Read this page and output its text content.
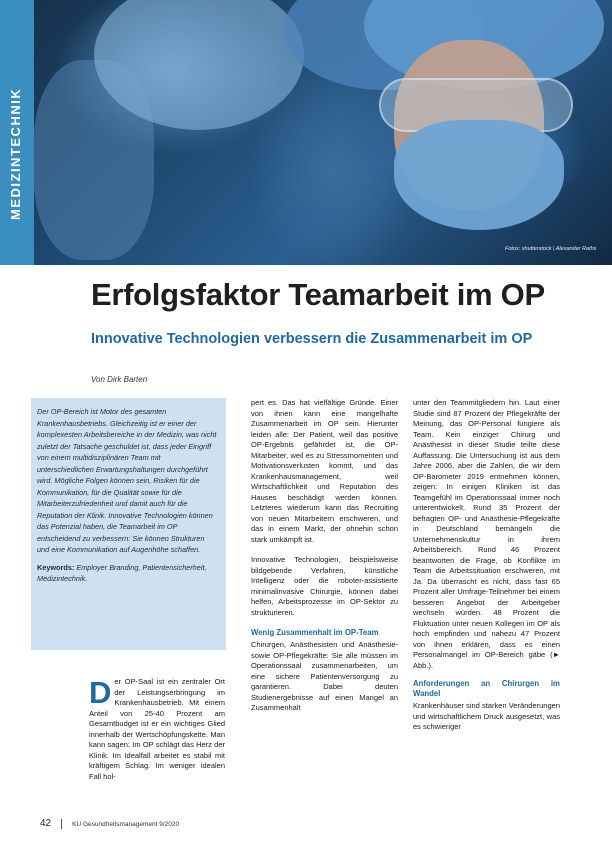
MEDIZINTECHNIK
Fotos: shutterstock | Alexander Raths
Erfolgsfaktor Teamarbeit im OP
Innovative Technologien verbessern die Zusammenarbeit im OP
Von Dirk Barten

Der OP-Bereich ist Motor des gesamten Krankenhausbetriebs. Gleichzeitig ist er einer der komplexesten Arbeitsbereiche in der Medizin, was nicht zuletzt der Tatsache geschuldet ist, dass jeder Eingriff von einem multidisziplinären Team mit unterschiedlichen Erwartungshaltungen durchgeführt wird. Mögliche Folgen können sein, Risiken für die Kommunikation, für die Qualität sowie für die Mitarbeiterzufriedenheit und damit auch für die Reputation der Klinik. Innovative Technologien können das Potenzial haben, die Teamarbeit im OP entscheidend zu verbessern: Sie können Strukturen und eine Kommunikation auf Augenhöhe schaffen.

Keywords: Employer Branding, Patientensicherheit, Medizintechnik.

Der OP-Saal ist ein zentraler Ort der Leistungserbringung im Krankenhausbetrieb. Mit einem Anteil von 25-40 Prozent am Gesamtbudget ist er ein wichtiges Glied innerhalb der Wertschöpfungskette. Man kann sagen: Im OP schlägt das Herz der Klinik. Im Idealfall arbeitet es stabil mit kräftigem Schlag. Im weniger idealen Fall hol-

pert es. Das hat vielfältige Gründe. Einer von ihnen kann eine mangelhafte Zusammenarbeit im OP sein. Hierunter leiden alle: Der Patient, weil das positive OP-Ergebnis gefährdet ist, die OP-Mitarbeiter, weil es zu Stressmomenten und Motivationsverlusten kommt, und das Krankenhausmanagement, weil Wirtschaftlichkeit und Reputation des Hauses beschädigt werden können. Letzteres wiederum kann das Recruiting von neuen Mitarbeitern erschweren, und das in einem Markt, der ohnehin schon stark umkämpft ist.

Innovative Technologien, beispielsweise bildgebende Verfahren, künstliche Intelligenz oder die roboter-assistierte minimalinvasive Chirurgie, können dabei helfen, Arbeitsprozesse im OP-Sektor zu strukturieren.

Wenig Zusammenhalt im OP-Team

Chirurgen, Anästhesisten und Anästhesie- sowie OP-Pflegekräfte: Sie alle müssen im Operationssaal zusammenarbeiten, um eine sichere Patientenversorgung zu garantieren. Dabei deuten Studienergebnisse auf einen Mangel an Zusammenhalt

unter den Teammitgliedern hin. Laut einer Studie sind 87 Prozent der Pflegekräfte der Meinung, das OP-Personal fungiere als Team. Kein einziger Chirurg und Anästhesist in dieser Studie teilte diese Auffassung. Die Untersuchung ist aus dem Jahre 2006, aber die Zahlen, die wir dem OP-Barometer 2019 entnehmen können, zeigen: In einigen Kliniken ist das Teamgefühl im Operationssaal immer noch unterentwickelt. Rund 35 Prozent der befragten OP- und Anästhesie-Pflegekräfte in Deutschland bemängeln die Unternehmenskultur in ihrem Arbeitsbereich. Rund 46 Prozent beantworten die Frage, ob Konflikte im Team die Arbeitssituation erschweren, mit Ja. Da überrascht es nicht, dass fast 65 Prozent aller Umfrage-Teilnehmer bei einem besseren Angebot der Arbeitgeber wechseln würden. 48 Prozent die Fluktuation unter neuen Kollegen im OP als hoch empfinden und nahezu 47 Prozent von ihnen erklären, dass es einen Personalmangel im OP-Bereich gäbe (► Abb.).

Anforderungen an Chirurgen im Wandel

Krankenhäuser sind starken Veränderungen und wirtschaftlichem Druck ausgesetzt, was es schwieriger

42	KU Gesundheitsmanagement 9/2020
